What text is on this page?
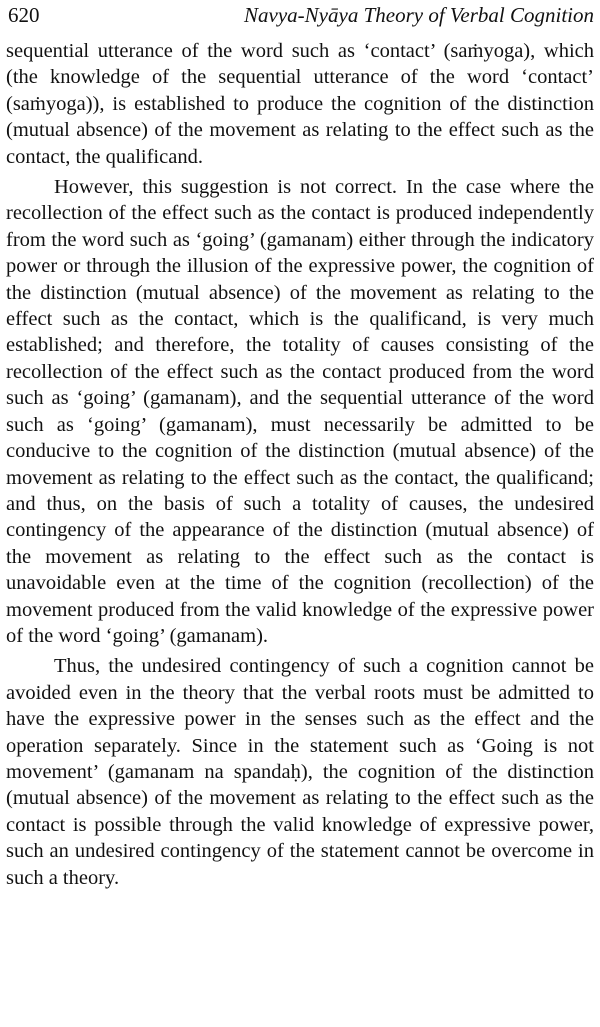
620	Navya-Nyāya Theory of Verbal Cognition

sequential utterance of the word such as ‘contact’ (saṁyoga), which (the knowledge of the sequential utterance of the word ‘contact’ (saṁyoga)), is established to produce the cognition of the distinction (mutual absence) of the movement as relating to the effect such as the contact, the qualificand.

However, this suggestion is not correct. In the case where the recollection of the effect such as the contact is produced independently from the word such as ‘going’ (gamanam) either through the indicatory power or through the illusion of the expressive power, the cognition of the distinction (mutual absence) of the movement as relating to the effect such as the contact, which is the qualificand, is very much established; and therefore, the totality of causes consisting of the recollection of the effect such as the contact produced from the word such as ‘going’ (gamanam), and the sequential utterance of the word such as ‘going’ (gamanam), must necessarily be admitted to be conducive to the cognition of the distinction (mutual absence) of the movement as relating to the effect such as the contact, the qualificand; and thus, on the basis of such a totality of causes, the undesired contingency of the appearance of the distinction (mutual absence) of the movement as relating to the effect such as the contact is unavoidable even at the time of the cognition (recollection) of the movement produced from the valid knowledge of the expressive power of the word ‘going’ (gamanam).

Thus, the undesired contingency of such a cognition cannot be avoided even in the theory that the verbal roots must be admitted to have the expressive power in the senses such as the effect and the operation separately. Since in the statement such as ‘Going is not movement’ (gamanam na spandaḥ), the cognition of the distinction (mutual absence) of the movement as relating to the effect such as the contact is possible through the valid knowledge of expressive power, such an undesired contingency of the statement cannot be overcome in such a theory.
